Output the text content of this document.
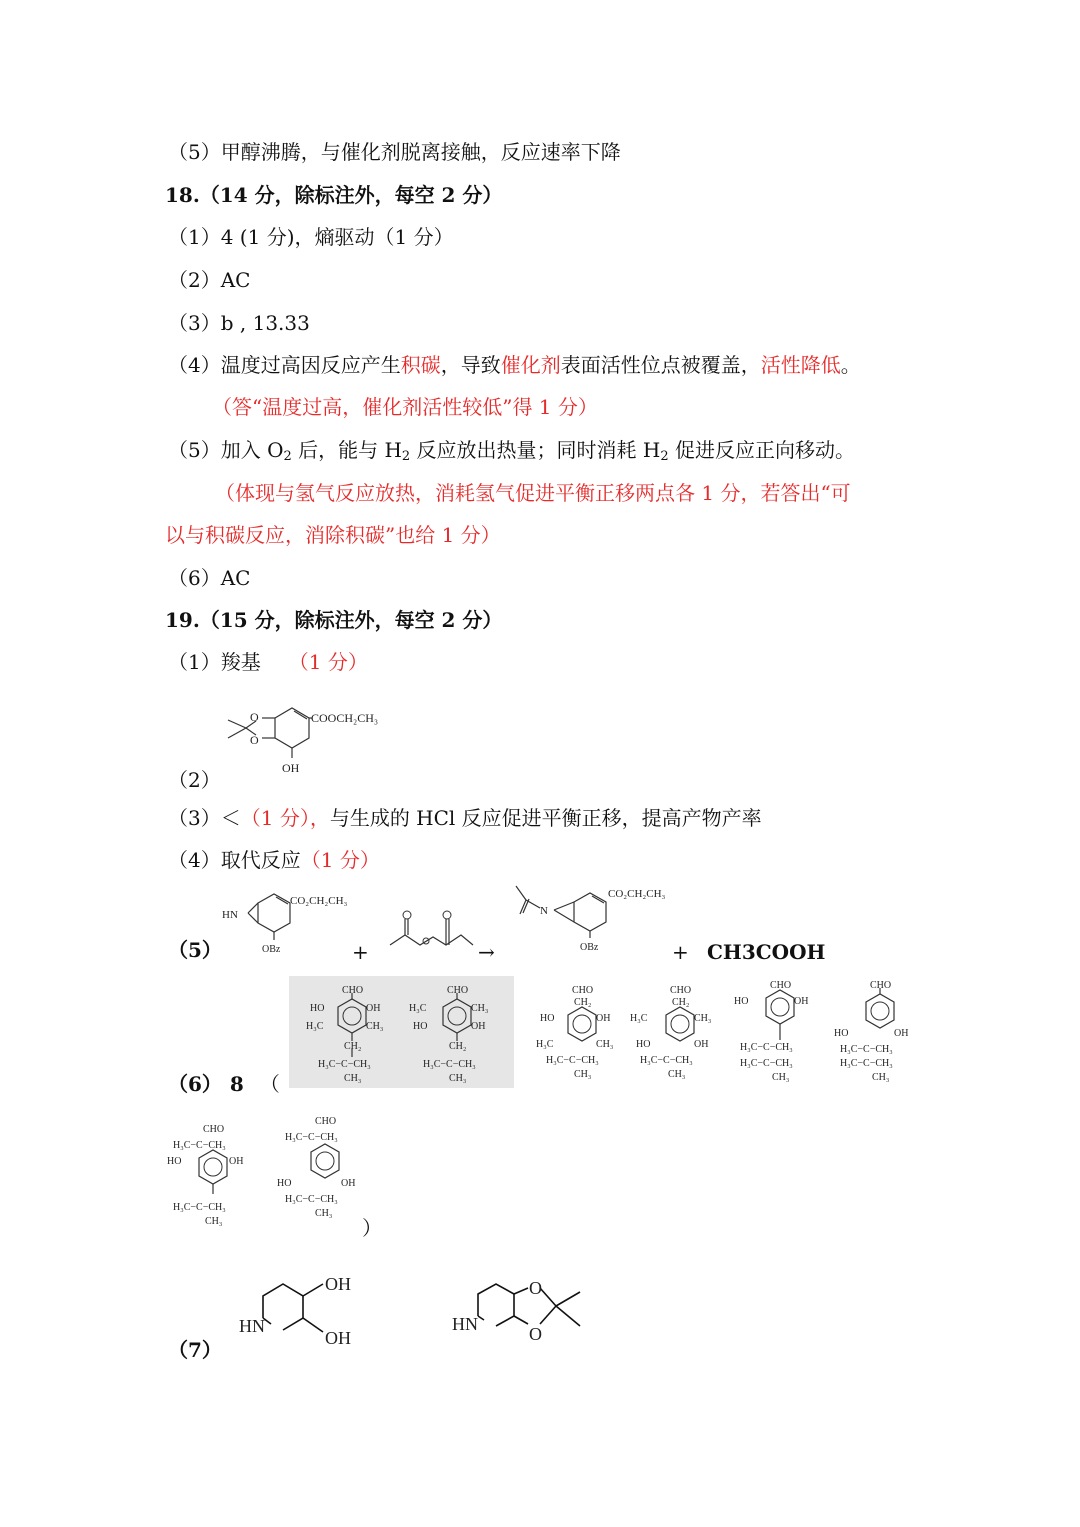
（5）甲醇沸腾，与催化剂脱离接触，反应速率下降
18.（14 分，除标注外，每空 2 分）
（1）4 (1 分)，熵驱动（1 分）
（2）AC
（3）b , 13.33
（4）温度过高因反应产生积碳，导致催化剂表面活性位点被覆盖，活性降低。
（答“温度过高，催化剂活性较低”得 1 分）
（5）加入 $O_2$ 后，能与 $H_2$ 反应放出热量；同时消耗 $H_2$ 促进反应正向移动。
（体现与氢气反应放热，消耗氢气促进平衡正移两点各 1 分，若答出“可
以与积碳反应，消除积碳”也给 1 分）
（6）AC
19.（15 分，除标注外，每空 2 分）
（1）羧基 （1 分）
O
O
COOCH₂CH₃
OH
（2）
（3）＜（1 分），与生成的 HCl 反应促进平衡正移，提高产物产率
（4）取代反应（1 分）
（5）
HN
CO₂CH₂CH₃
OBz	+	→
N
CO₂CH₂CH₃
OBz	+ CH3COOH
（6） 8 （
CHO
HO	OH
H₃C	CH₃
CH₂
H₃C−C−CH₃
CH₃
CHO
H₃C	CH₃
HO	OH
CH₂
H₃C−C−CH₃
CH₃
CHO
CH₂
HO	OH
H₃C	CH₃
H₃C−C−CH₃
CH₃
CHO
CH₂
H₃C	CH₃
HO	OH
H₃C−C−CH₃
CH₃
CHO
HO	OH
H₃C−C−CH₃
H₃C−C−CH₃
CH₃
CHO
HO	OH
H₃C−C−CH₃
H₃C−C−CH₃
CH₃
CHO
H₃C−C−CH₃
HO	OH
H₃C−C−CH₃
CH₃
CHO
H₃C−C−CH₃
HO	OH
H₃C−C−CH₃
CH₃
）
（7）
HN
OH
OH
HN
O
O
